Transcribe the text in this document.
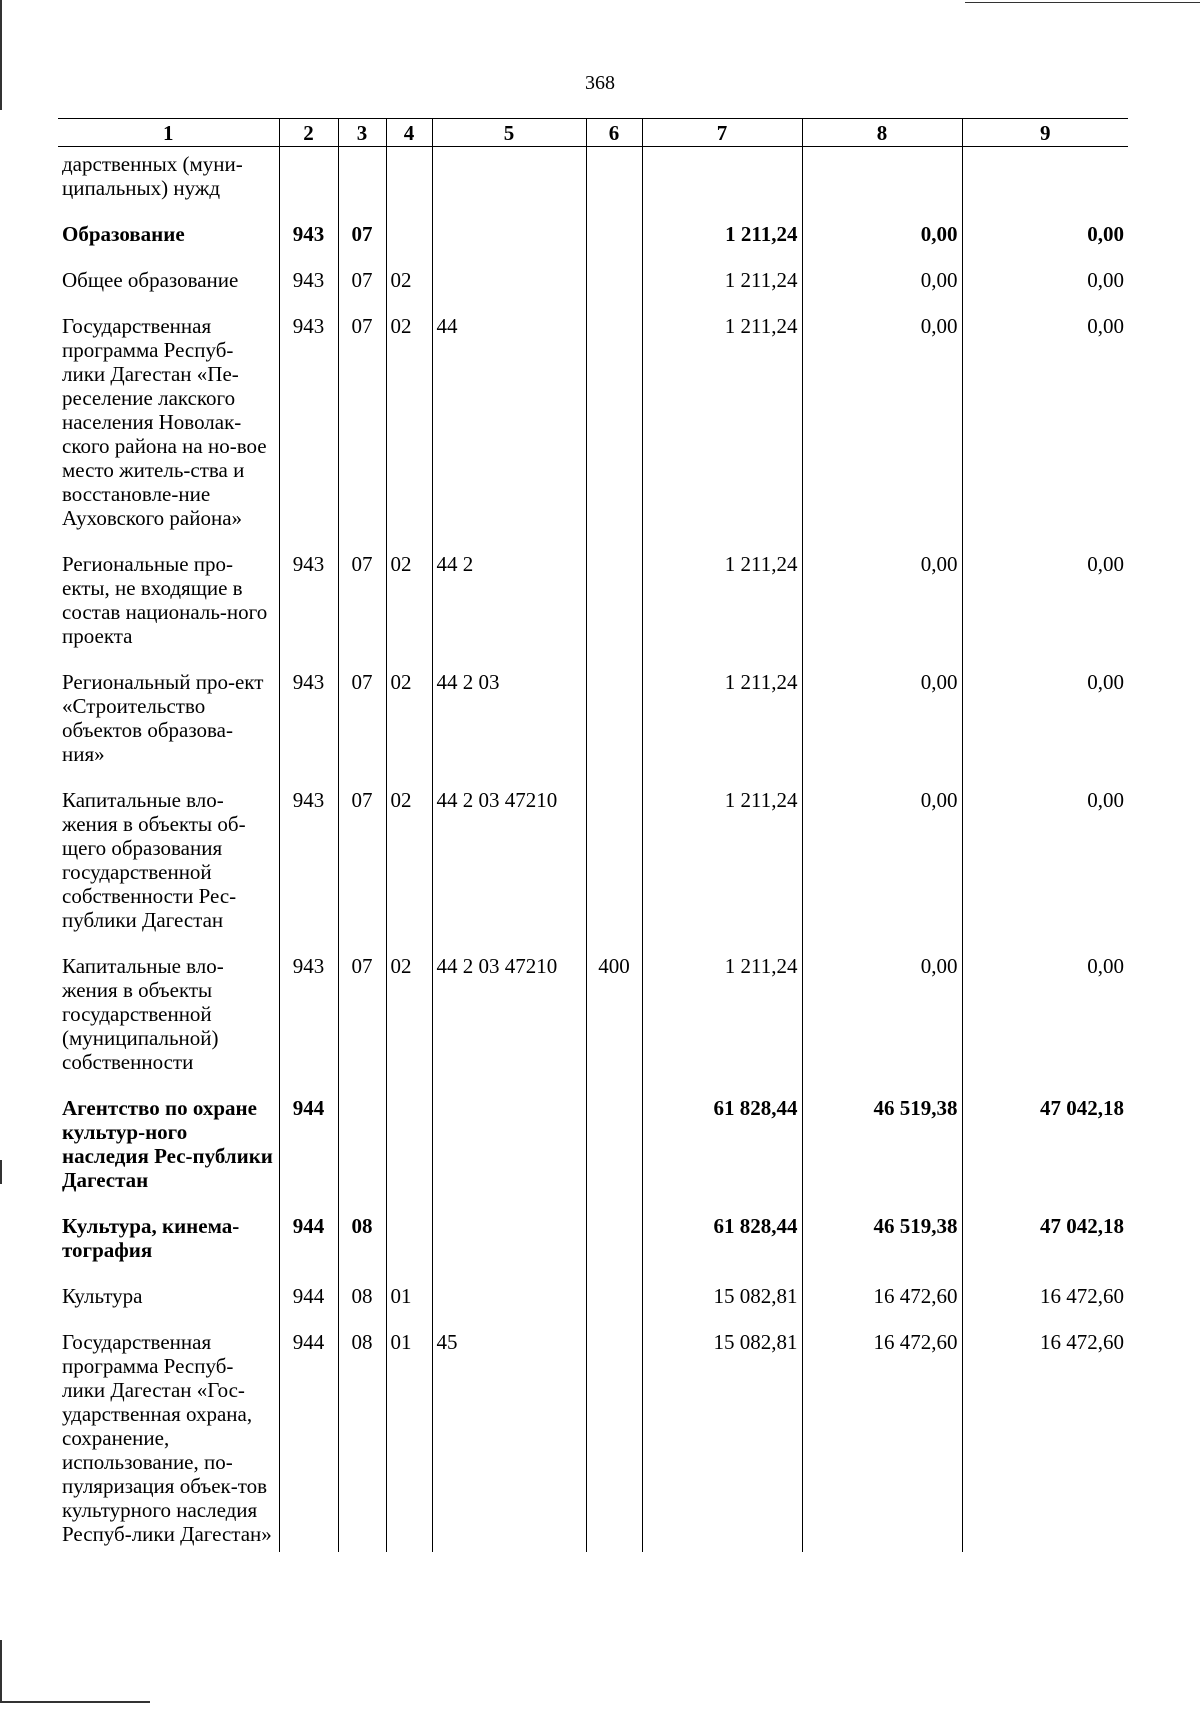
368
1	2	3	4	5	6	7	8	9
дарственных (муни-ципальных) нужд								
Образование	943	07				1 211,24	0,00	0,00
Общее образование	943	07	02			1 211,24	0,00	0,00
Государственная программа Респуб-лики Дагестан «Пе-реселение лакского населения Новолак-ского района на но-вое место житель-ства и восстановле-ние Ауховского района»	943	07	02	44		1 211,24	0,00	0,00
Региональные про-екты, не входящие в состав националь-ного проекта	943	07	02	44 2		1 211,24	0,00	0,00
Региональный про-ект «Строительство объектов образова-ния»	943	07	02	44 2 03		1 211,24	0,00	0,00
Капитальные вло-жения в объекты об-щего образования государственной собственности Рес-публики Дагестан	943	07	02	44 2 03 47210		1 211,24	0,00	0,00
Капитальные вло-жения в объекты государственной (муниципальной) собственности	943	07	02	44 2 03 47210	400	1 211,24	0,00	0,00
Агентство по охране культур-ного наследия Рес-публики Дагестан	944					61 828,44	46 519,38	47 042,18
Культура, кинема-тография	944	08				61 828,44	46 519,38	47 042,18
Культура	944	08	01			15 082,81	16 472,60	16 472,60
Государственная программа Респуб-лики Дагестан «Гос-ударственная охрана, сохранение, использование, по-пуляризация объек-тов культурного наследия Респуб-лики Дагестан»	944	08	01	45		15 082,81	16 472,60	16 472,60
